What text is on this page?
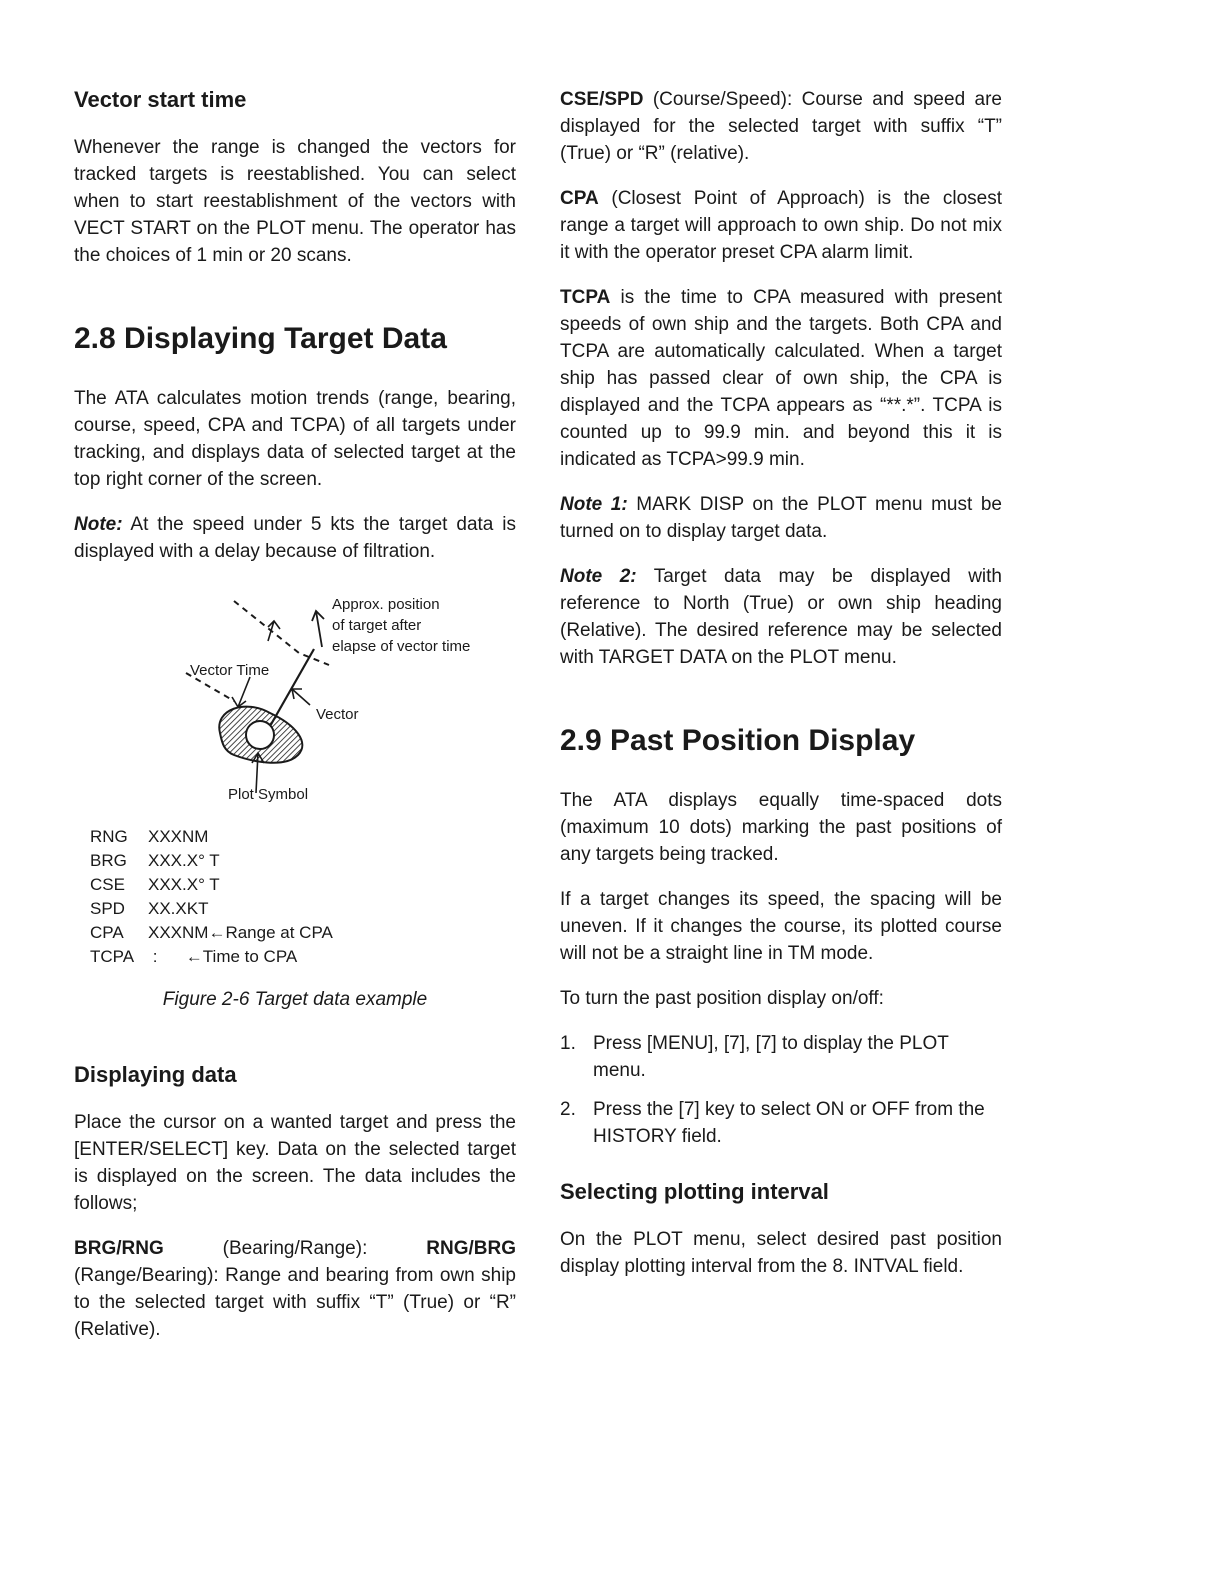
Vector start time

Whenever the range is changed the vectors for tracked targets is reestablished. You can select when to start reestablishment of the vectors with VECT START on the PLOT menu. The operator has the choices of 1 min or 20 scans.

2.8 Displaying Target Data

The ATA calculates motion trends (range, bearing, course, speed, CPA and TCPA) of all targets under tracking, and displays data of selected target at the top right corner of the screen.

Note: At the speed under 5 kts the target data is displayed with a delay because of filtration.

Approx. position
of target after
elapse of vector time
Vector Time
Vector
Plot Symbol
RNG	XXXNM
BRG	XXX.X° T
CSE	XXX.X° T
SPD	XX.XKT
CPA	XXXNM←Range at CPA
TCPA :      ←Time to CPA
Figure 2-6 Target data example
Displaying data

Place the cursor on a wanted target and press the [ENTER/SELECT] key. Data on the selected target is displayed on the screen. The data includes the follows;

BRG/RNG (Bearing/Range): RNG/BRG (Range/Bearing): Range and bearing from own ship to the selected target with suffix “T” (True) or “R” (Relative).

CSE/SPD (Course/Speed): Course and speed are displayed for the selected target with suffix “T” (True) or “R” (relative).

CPA (Closest Point of Approach) is the closest range a target will approach to own ship. Do not mix it with the operator preset CPA alarm limit.

TCPA is the time to CPA measured with present speeds of own ship and the targets. Both CPA and TCPA are automatically calculated. When a target ship has passed clear of own ship, the CPA is displayed and the TCPA appears as “**.*”. TCPA is counted up to 99.9 min. and beyond this it is indicated as TCPA>99.9 min.

Note 1: MARK DISP on the PLOT menu must be turned on to display target data.

Note 2: Target data may be displayed with reference to North (True) or own ship heading (Relative). The desired reference may be selected with TARGET DATA on the PLOT menu.

2.9 Past Position Display

The ATA displays equally time-spaced dots (maximum 10 dots) marking the past positions of any targets being tracked.

If a target changes its speed, the spacing will be uneven. If it changes the course, its plotted course will not be a straight line in TM mode.

To turn the past position display on/off:

1. Press [MENU], [7], [7] to display the PLOT menu.
2. Press the [7] key to select ON or OFF from the HISTORY field.
Selecting plotting interval

On the PLOT menu, select desired past position display plotting interval from the 8. INTVAL field.
